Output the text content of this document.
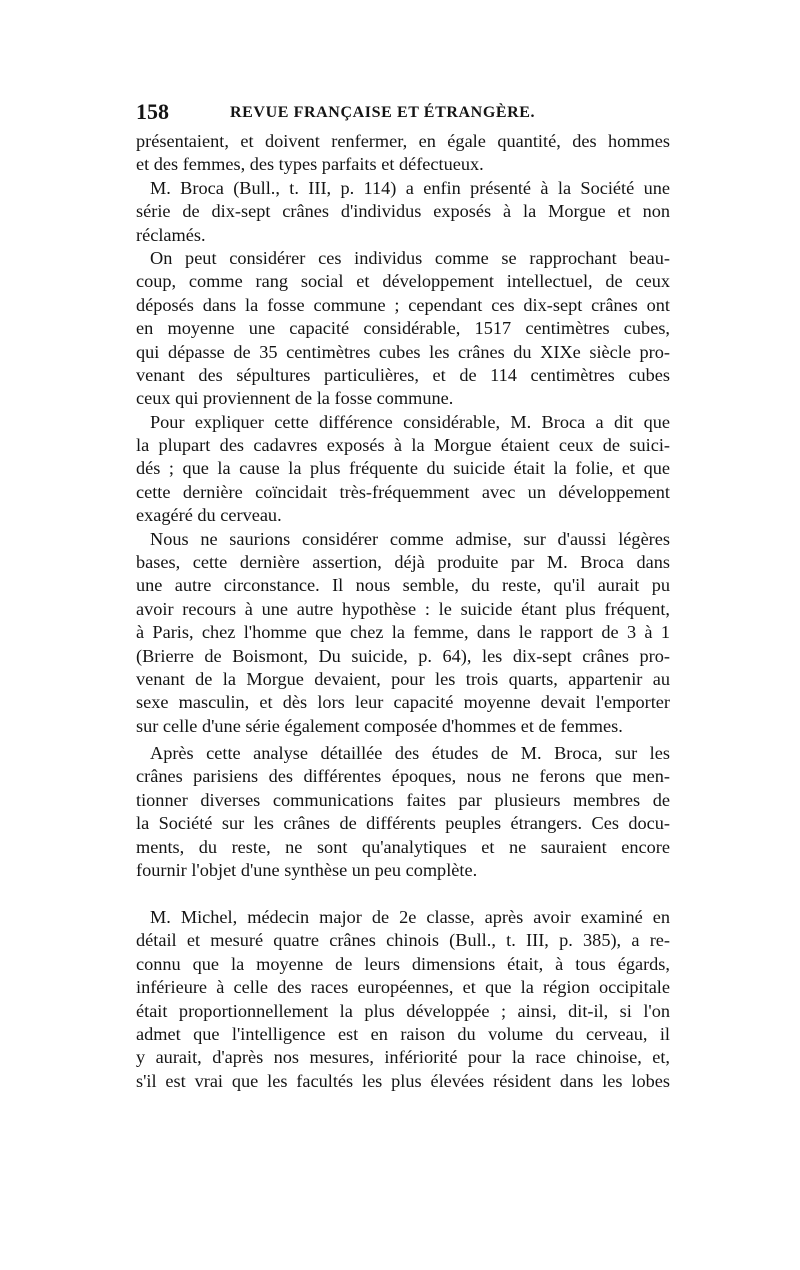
158	REVUE FRANÇAISE ET ÉTRANGÈRE.
présentaient, et doivent renfermer, en égale quantité, des hommes
et des femmes, des types parfaits et défectueux.
M. Broca (Bull., t. III, p. 114) a enfin présenté à la Société une
série de dix-sept crânes d'individus exposés à la Morgue et non
réclamés.
On peut considérer ces individus comme se rapprochant beau-
coup, comme rang social et développement intellectuel, de ceux
déposés dans la fosse commune ; cependant ces dix-sept crânes ont
en moyenne une capacité considérable, 1517 centimètres cubes,
qui dépasse de 35 centimètres cubes les crânes du XIXe siècle pro-
venant des sépultures particulières, et de 114 centimètres cubes
ceux qui proviennent de la fosse commune.
Pour expliquer cette différence considérable, M. Broca a dit que
la plupart des cadavres exposés à la Morgue étaient ceux de suici-
dés ; que la cause la plus fréquente du suicide était la folie, et que
cette dernière coïncidait très-fréquemment avec un développement
exagéré du cerveau.
Nous ne saurions considérer comme admise, sur d'aussi légères
bases, cette dernière assertion, déjà produite par M. Broca dans
une autre circonstance. Il nous semble, du reste, qu'il aurait pu
avoir recours à une autre hypothèse : le suicide étant plus fréquent,
à Paris, chez l'homme que chez la femme, dans le rapport de 3 à 1
(Brierre de Boismont, Du suicide, p. 64), les dix-sept crânes pro-
venant de la Morgue devaient, pour les trois quarts, appartenir au
sexe masculin, et dès lors leur capacité moyenne devait l'emporter
sur celle d'une série également composée d'hommes et de femmes.
Après cette analyse détaillée des études de M. Broca, sur les
crânes parisiens des différentes époques, nous ne ferons que men-
tionner diverses communications faites par plusieurs membres de
la Société sur les crânes de différents peuples étrangers. Ces docu-
ments, du reste, ne sont qu'analytiques et ne sauraient encore
fournir l'objet d'une synthèse un peu complète.
M. Michel, médecin major de 2e classe, après avoir examiné en
détail et mesuré quatre crânes chinois (Bull., t. III, p. 385), a re-
connu que la moyenne de leurs dimensions était, à tous égards,
inférieure à celle des races européennes, et que la région occipitale
était proportionnellement la plus développée ; ainsi, dit-il, si l'on
admet que l'intelligence est en raison du volume du cerveau, il
y aurait, d'après nos mesures, infériorité pour la race chinoise, et,
s'il est vrai que les facultés les plus élevées résident dans les lobes
